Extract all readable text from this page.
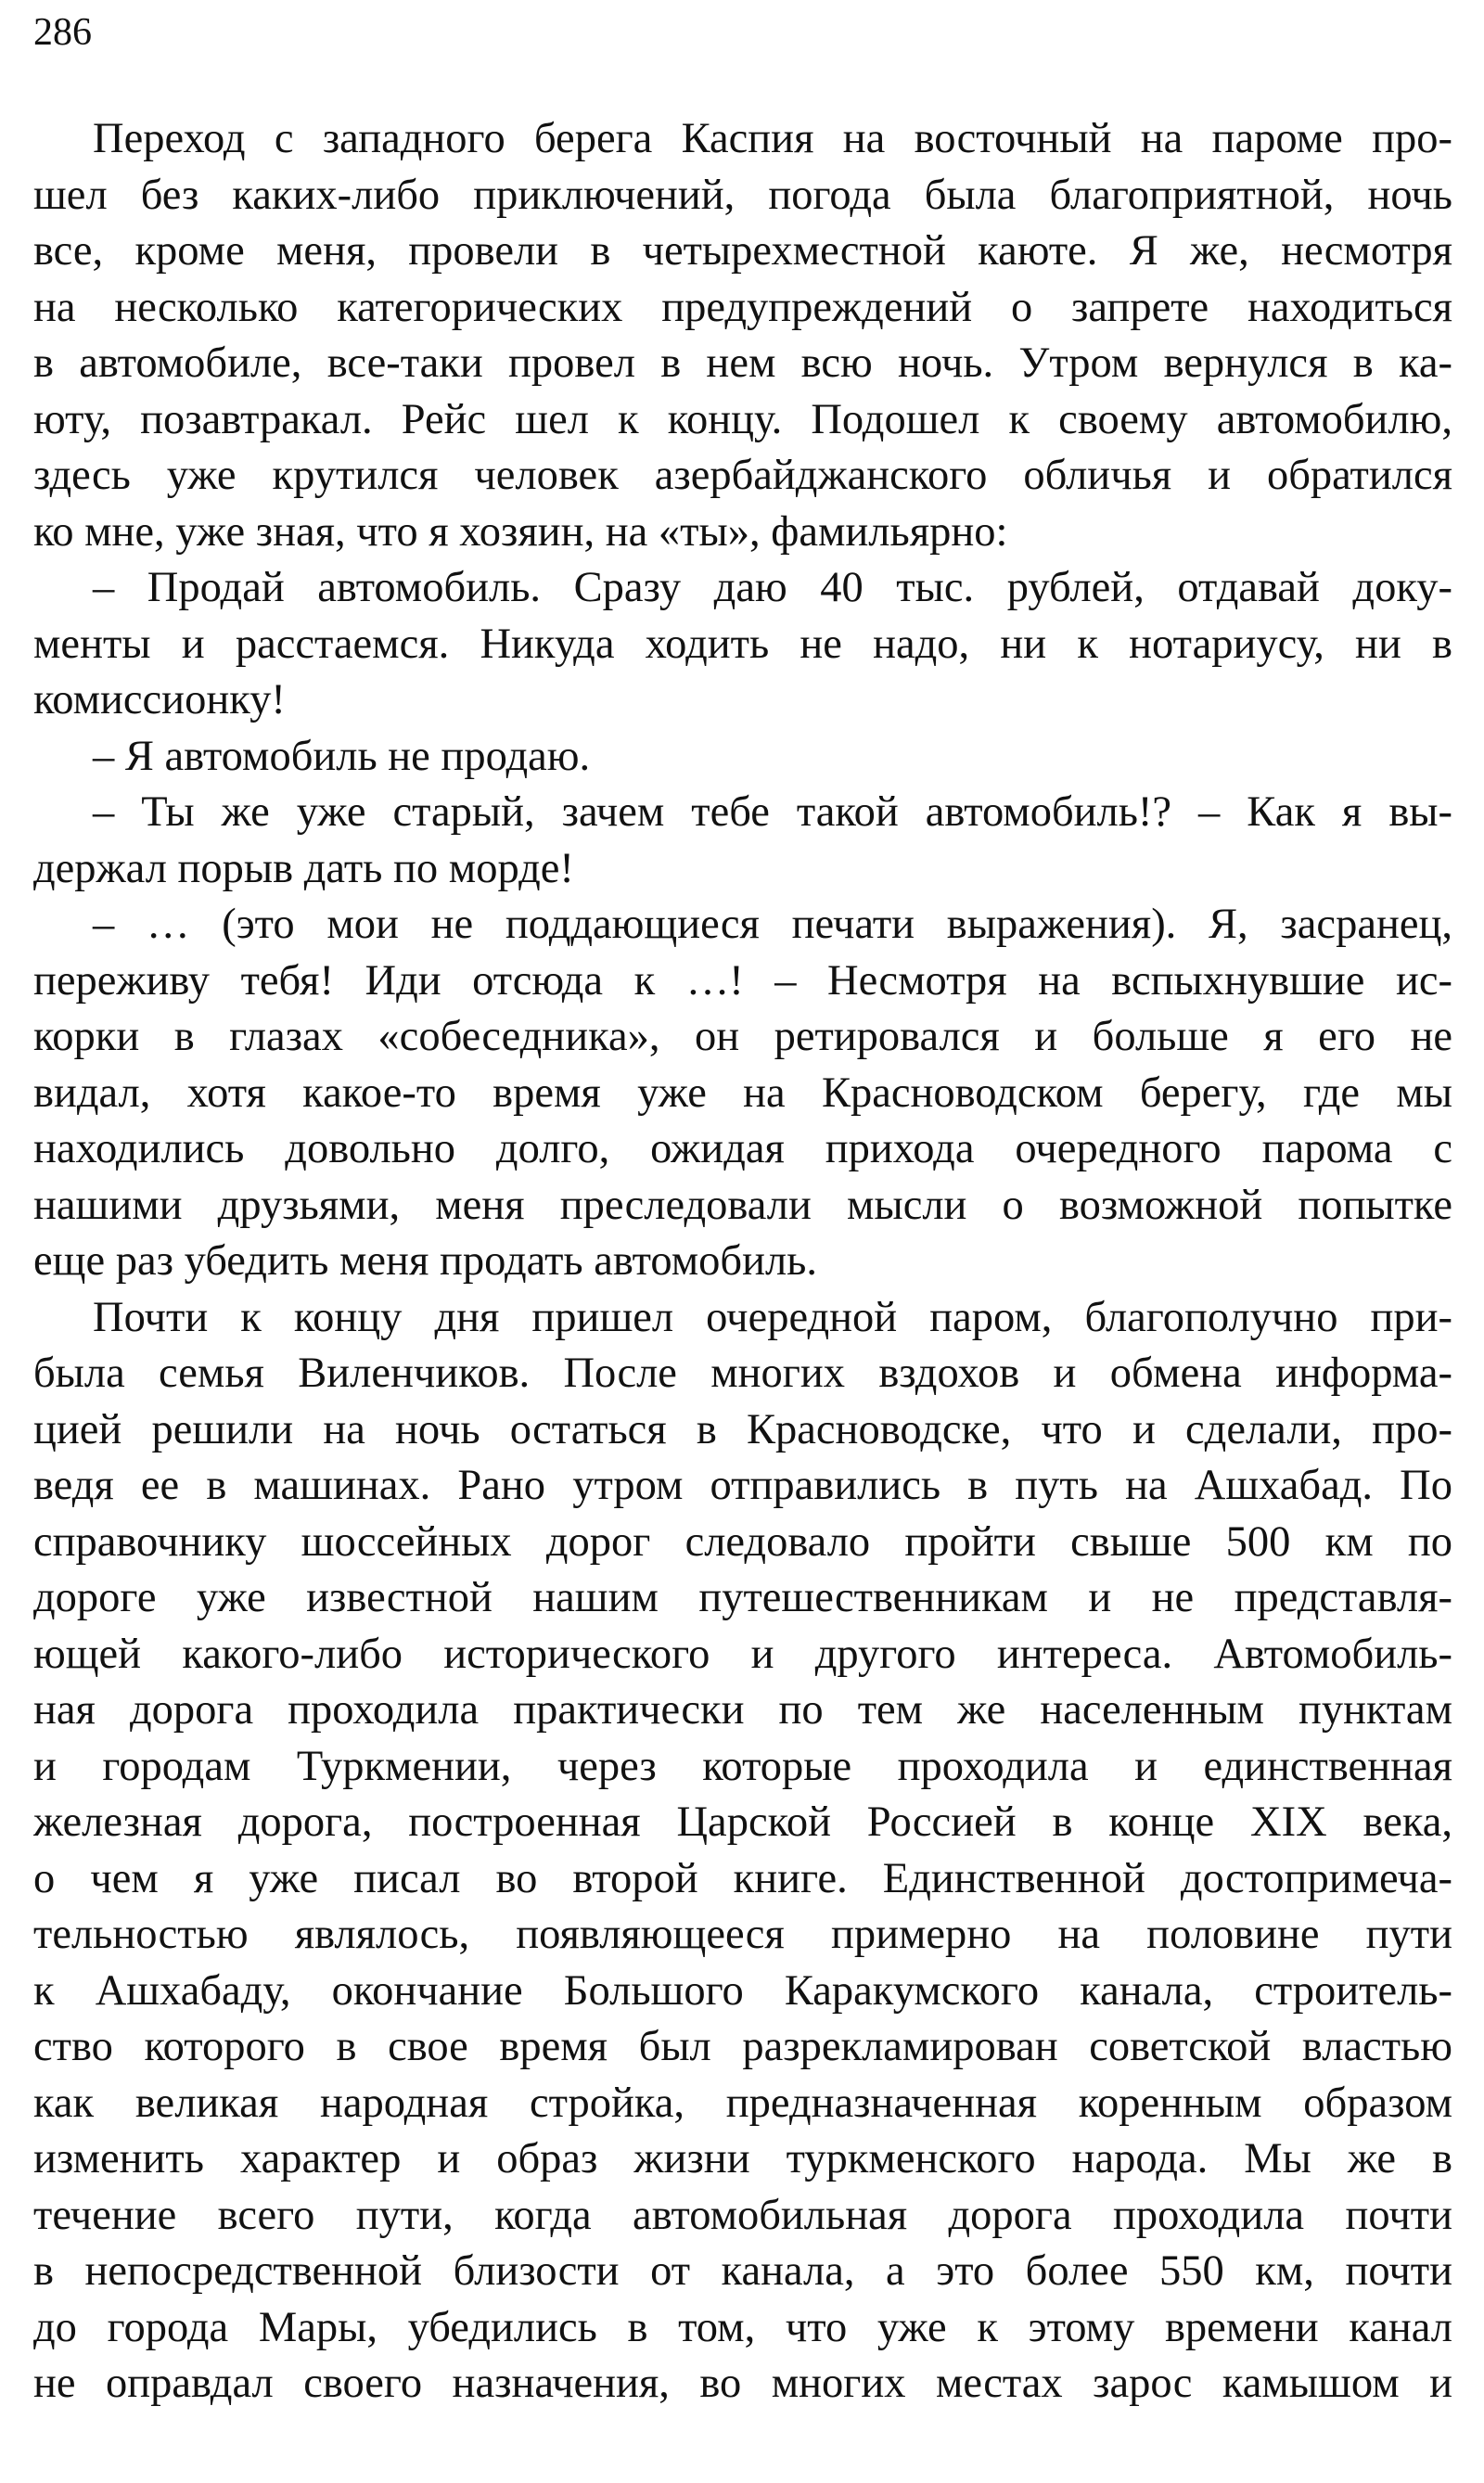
286
Переход с западного берега Каспия на восточный на пароме про-
шел без каких-либо приключений, погода была благоприятной, ночь
все, кроме меня, провели в четырехместной каюте. Я же, несмотря
на несколько категорических предупреждений о запрете находиться
в автомобиле, все-таки провел в нем всю ночь. Утром вернулся в ка-
юту, позавтракал. Рейс шел к концу. Подошел к своему автомобилю,
здесь уже крутился человек азербайджанского обличья и обратился
ко мне, уже зная, что я хозяин, на «ты», фамильярно:
– Продай автомобиль. Сразу даю 40 тыс. рублей, отдавай доку-
менты и расстаемся. Никуда ходить не надо, ни к нотариусу, ни в
комиссионку!
– Я автомобиль не продаю.
– Ты же уже старый, зачем тебе такой автомобиль!? – Как я вы-
держал порыв дать по морде!
– … (это мои не поддающиеся печати выражения). Я, засранец,
переживу тебя! Иди отсюда к …! – Несмотря на вспыхнувшие ис-
корки в глазах «собеседника», он ретировался и больше я его не
видал, хотя какое-то время уже на Красноводском берегу, где мы
находились довольно долго, ожидая прихода очередного парома с
нашими друзьями, меня преследовали мысли о возможной попытке
еще раз убедить меня продать автомобиль.
Почти к концу дня пришел очередной паром, благополучно при-
была семья Виленчиков. После многих вздохов и обмена информа-
цией решили на ночь остаться в Красноводске, что и сделали, про-
ведя ее в машинах. Рано утром отправились в путь на Ашхабад. По
справочнику шоссейных дорог следовало пройти свыше 500 км по
дороге уже известной нашим путешественникам и не представля-
ющей какого-либо исторического и другого интереса. Автомобиль-
ная дорога проходила практически по тем же населенным пунктам
и городам Туркмении, через которые проходила и единственная
железная дорога, построенная Царской Россией в конце XIX века,
о чем я уже писал во второй книге. Единственной достопримеча-
тельностью являлось, появляющееся примерно на половине пути
к Ашхабаду, окончание Большого Каракумского канала, строитель-
ство которого в свое время был разрекламирован советской властью
как великая народная стройка, предназначенная коренным образом
изменить характер и образ жизни туркменского народа. Мы же в
течение всего пути, когда автомобильная дорога проходила почти
в непосредственной близости от канала, а это более 550 км, почти
до города Мары, убедились в том, что уже к этому времени канал
не оправдал своего назначения, во многих местах зарос камышом и
